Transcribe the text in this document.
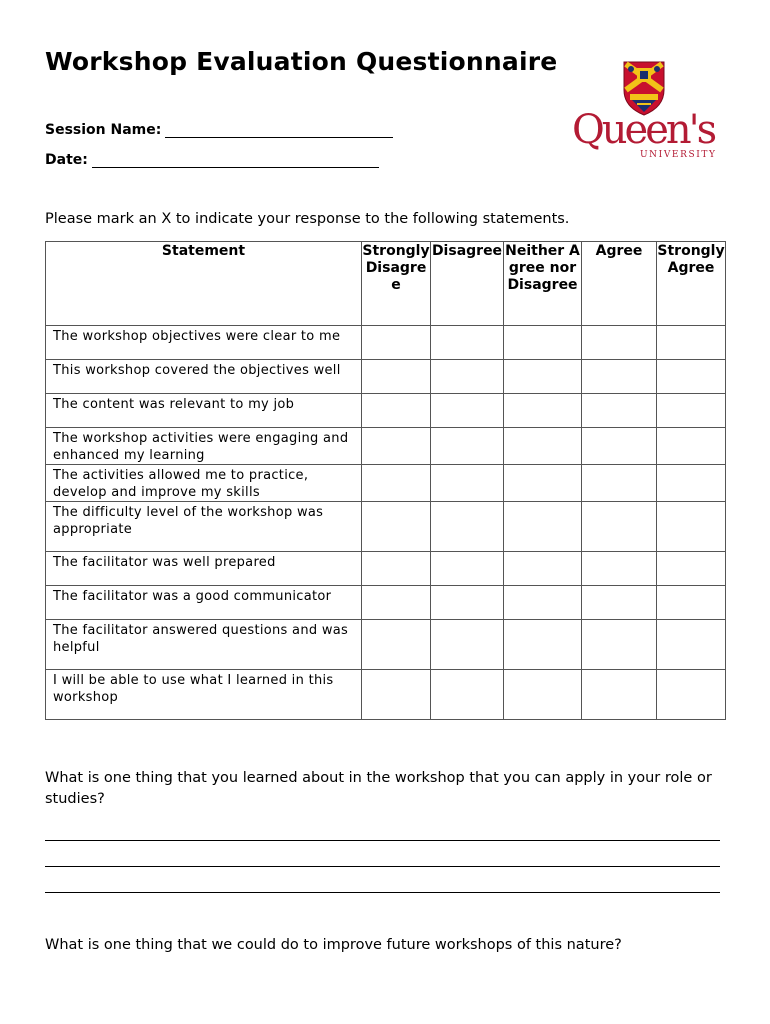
Workshop Evaluation Questionnaire
Session Name:
Date:
Queen's
UNIVERSITY
Please mark an X to indicate your response to the following statements.
Statement	Strongly Disagree	Disagree	Neither Agree nor Disagree	Agree	Strongly Agree
The workshop objectives were clear to me					
This workshop covered the objectives well					
The content was relevant to my job					
The workshop activities were engaging and enhanced my learning					
The activities allowed me to practice, develop and improve my skills					
The difficulty level of the workshop was appropriate					
The facilitator was well prepared					
The facilitator was a good communicator					
The facilitator answered questions and was helpful					
I will be able to use what I learned in this workshop					
What is one thing that you learned about in the workshop that you can apply in your role or studies?
What is one thing that we could do to improve future workshops of this nature?
